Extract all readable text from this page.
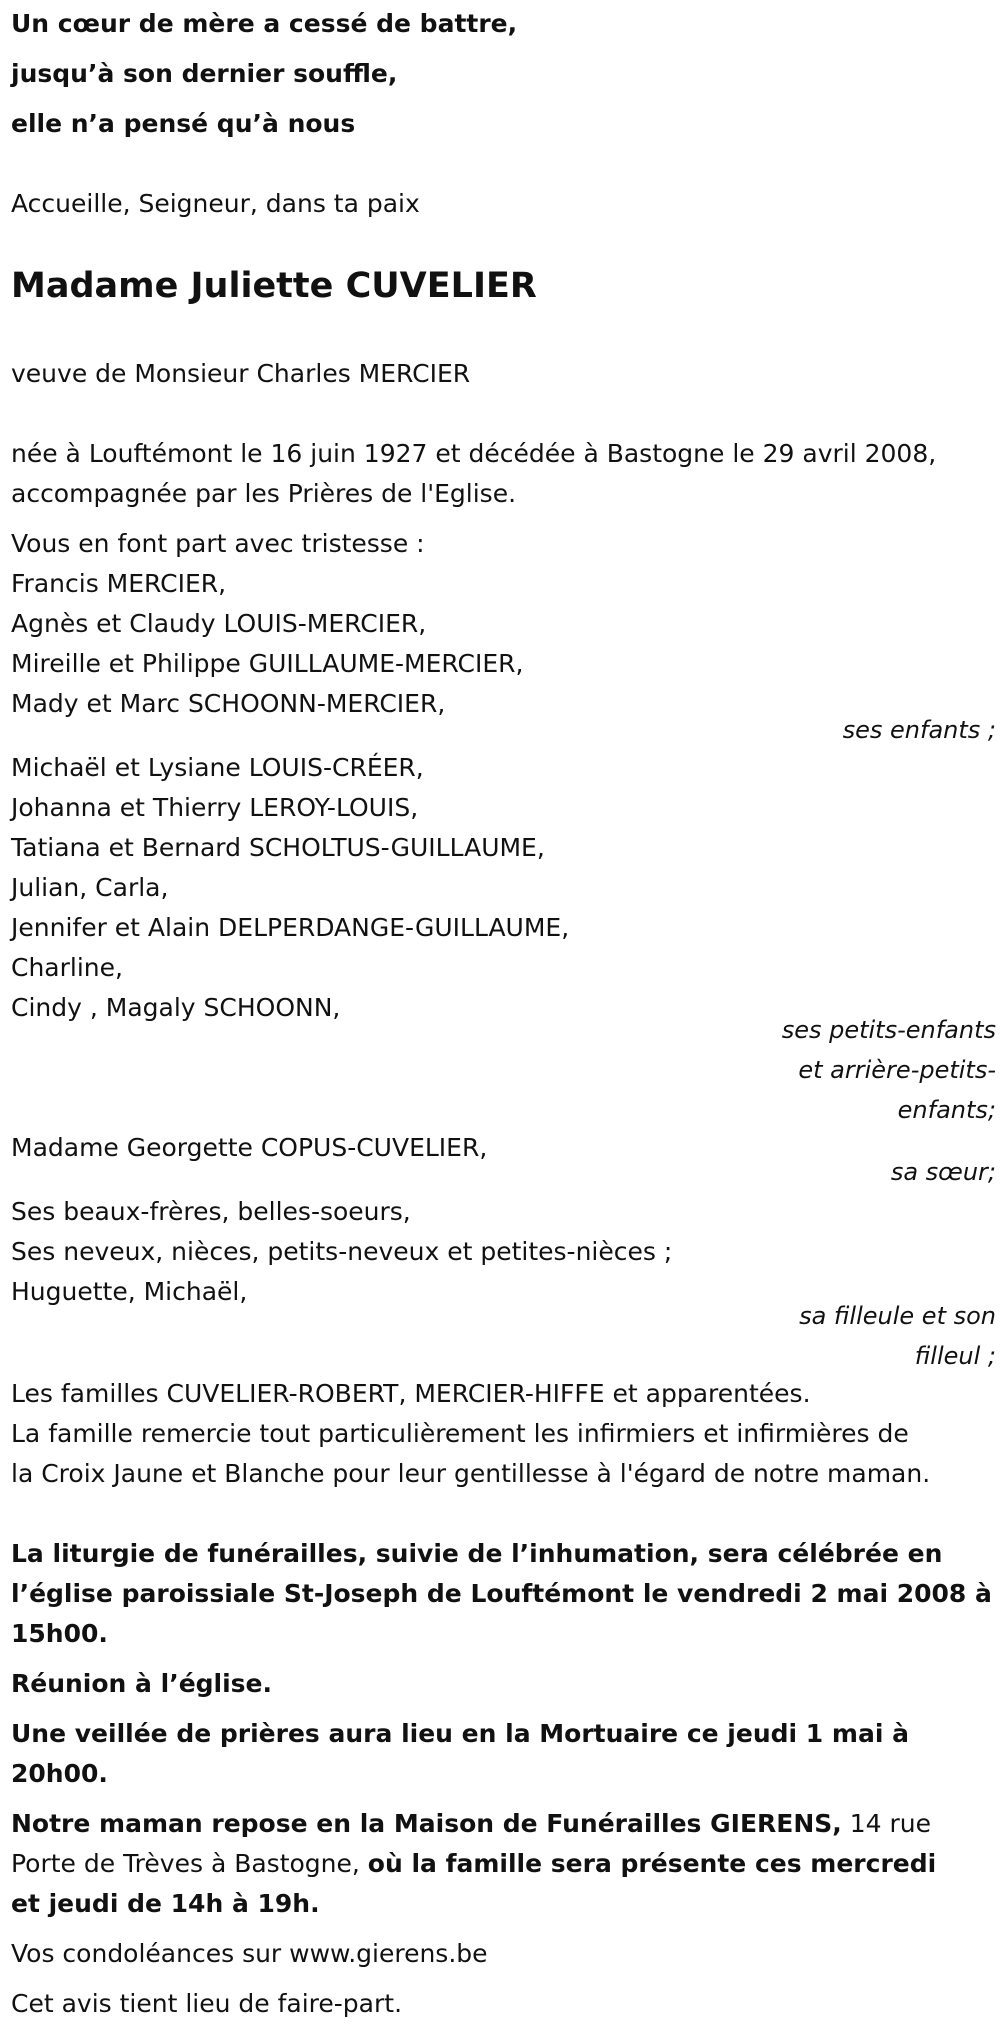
Un cœur de mère a cessé de battre,
jusqu’à son dernier souffle,
elle n’a pensé qu’à nous
Accueille, Seigneur, dans ta paix
Madame Juliette CUVELIER
veuve de Monsieur Charles MERCIER
née à Louftémont le 16 juin 1927 et décédée à Bastogne le 29 avril 2008,
accompagnée par les Prières de l'Eglise.
Vous en font part avec tristesse :
Francis MERCIER,
Agnès et Claudy LOUIS-MERCIER,
Mireille et Philippe GUILLAUME-MERCIER,
Mady et Marc SCHOONN-MERCIER,
ses enfants ;
Michaël et Lysiane LOUIS-CRÉER,
Johanna et Thierry LEROY-LOUIS,
Tatiana et Bernard SCHOLTUS-GUILLAUME,
Julian, Carla,
Jennifer et Alain DELPERDANGE-GUILLAUME,
Charline,
Cindy , Magaly SCHOONN,
ses petits-enfants
et arrière-petits-
enfants;
Madame Georgette COPUS-CUVELIER,
sa sœur;
Ses beaux-frères, belles-soeurs,
Ses neveux, nièces, petits-neveux et petites-nièces ;
Huguette, Michaël,
sa filleule et son
filleul ;
Les familles CUVELIER-ROBERT, MERCIER-HIFFE et apparentées.
La famille remercie tout particulièrement les infirmiers et infirmières de
la Croix Jaune et Blanche pour leur gentillesse à l'égard de notre maman.
La liturgie de funérailles, suivie de l’inhumation, sera célébrée en
l’église paroissiale St-Joseph de Louftémont le vendredi 2 mai 2008 à
15h00.
Réunion à l’église.
Une veillée de prières aura lieu en la Mortuaire ce jeudi 1 mai à
20h00.
Notre maman repose en la Maison de Funérailles GIERENS, 14 rue
Porte de Trèves à Bastogne, où la famille sera présente ces mercredi
et jeudi de 14h à 19h.
Vos condoléances sur www.gierens.be
Cet avis tient lieu de faire-part.
